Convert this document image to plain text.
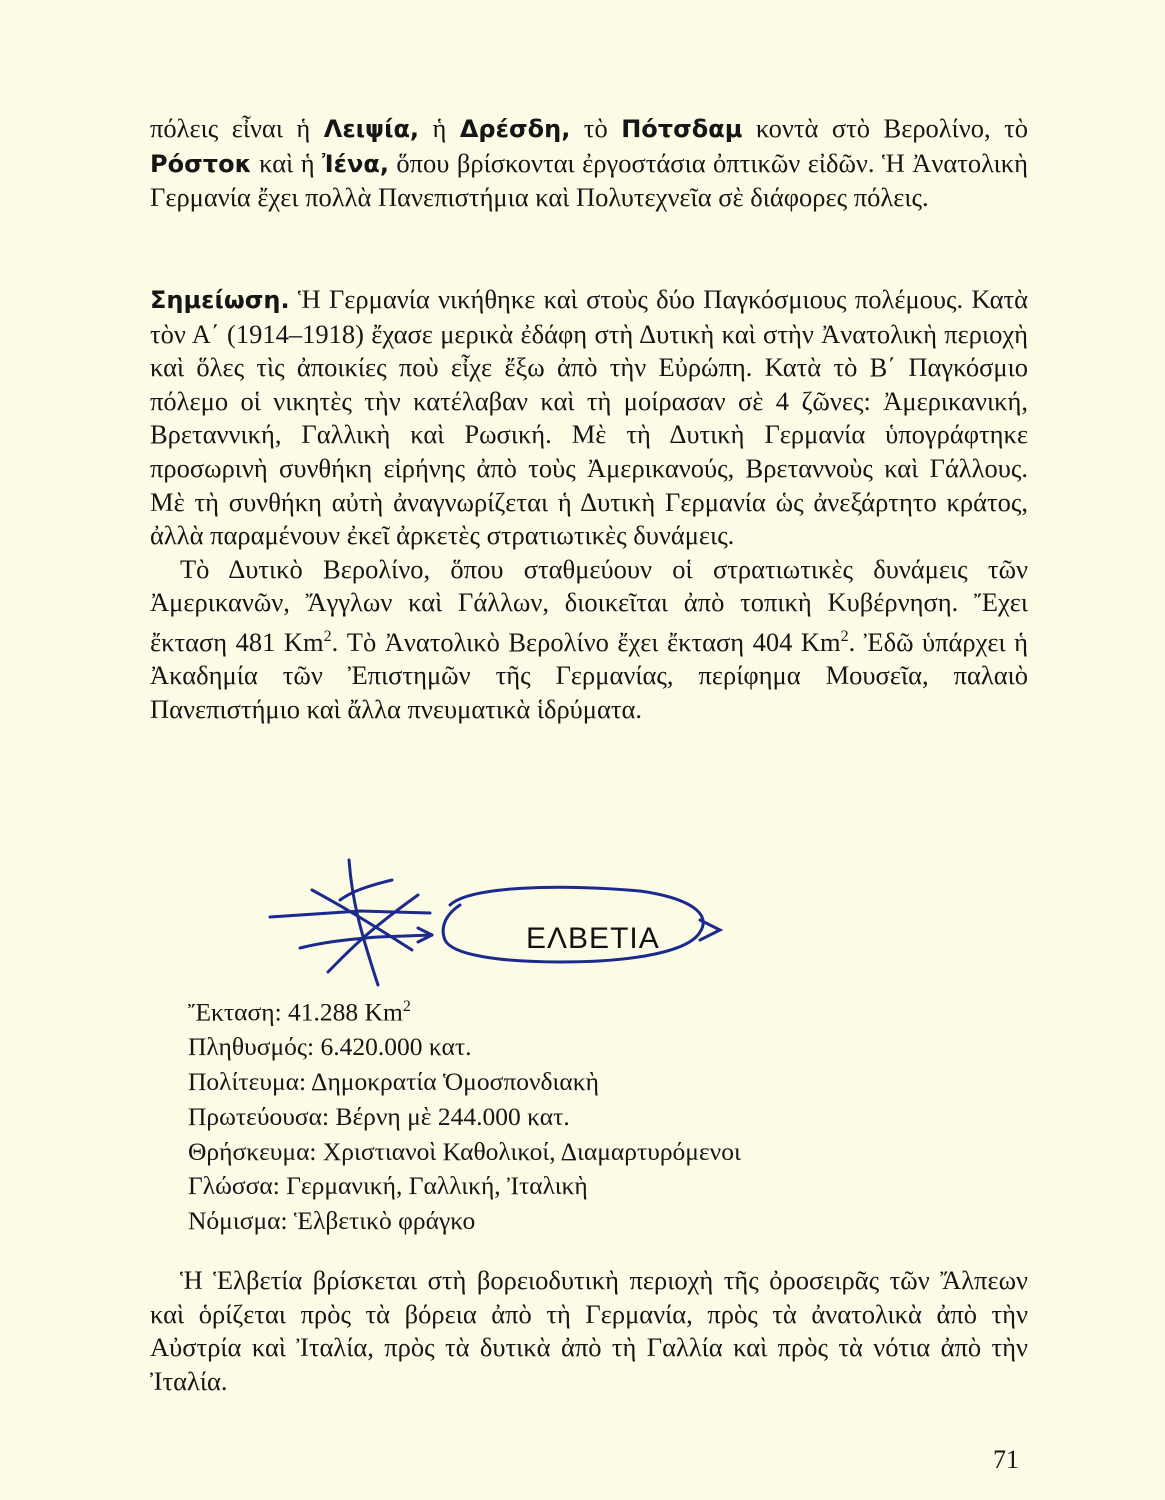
πόλεις εἶναι ἡ Λειψία, ἡ Δρέσδη, τὸ Πότσδαμ κοντὰ στὸ Βερολίνο, τὸ Ρόστοκ καὶ ἡ Ἰένα, ὅπου βρίσκονται ἐργοστάσια ὀπτικῶν εἰδῶν. Ἡ Ἀνατολικὴ Γερμανία ἔχει πολλὰ Πανεπιστήμια καὶ Πολυτεχνεῖα σὲ διάφορες πόλεις.

Σημείωση. Ἡ Γερμανία νικήθηκε καὶ στοὺς δύο Παγκόσμιους πολέμους. Κατὰ τὸν Α΄ (1914–1918) ἔχασε μερικὰ ἐδάφη στὴ Δυτικὴ καὶ στὴν Ἀνατολικὴ περιοχὴ καὶ ὅλες τὶς ἀποικίες ποὺ εἶχε ἔξω ἀπὸ τὴν Εὐρώπη. Κατὰ τὸ Β΄ Παγκόσμιο πόλεμο οἱ νικητὲς τὴν κατέλαβαν καὶ τὴ μοίρασαν σὲ 4 ζῶνες: Ἀμερικανική, Βρεταννική, Γαλλικὴ καὶ Ρωσική. Μὲ τὴ Δυτικὴ Γερμανία ὑπογράφτηκε προσωρινὴ συνθήκη εἰρήνης ἀπὸ τοὺς Ἀμερικανούς, Βρεταννοὺς καὶ Γάλλους. Μὲ τὴ συνθήκη αὐτὴ ἀναγνωρίζεται ἡ Δυτικὴ Γερμανία ὡς ἀνεξάρτητο κράτος, ἀλλὰ παραμένουν ἐκεῖ ἀρκετὲς στρατιωτικὲς δυνάμεις.

Τὸ Δυτικὸ Βερολίνο, ὅπου σταθμεύουν οἱ στρατιωτικὲς δυνάμεις τῶν Ἀμερικανῶν, Ἄγγλων καὶ Γάλλων, διοικεῖται ἀπὸ τοπικὴ Κυβέρνηση. Ἔχει ἔκταση 481 Km$^2$. Τὸ Ἀνατολικὸ Βερολίνο ἔχει ἔκταση 404 Km$^2$. Ἐδῶ ὑπάρχει ἡ Ἀκαδημία τῶν Ἐπιστημῶν τῆς Γερμανίας, περίφημα Μουσεῖα, παλαιὸ Πανεπιστήμιο καὶ ἄλλα πνευματικὰ ἱδρύματα.

ΕΛΒΕΤΙΑ
Ἔκταση: 41.288 Km$^2$
Πληθυσμός: 6.420.000 κατ.
Πολίτευμα: Δημοκρατία Ὁμοσπονδιακὴ
Πρωτεύουσα: Βέρνη μὲ 244.000 κατ.
Θρήσκευμα: Χριστιανοὶ Καθολικοί, Διαμαρτυρόμενοι
Γλώσσα: Γερμανική, Γαλλική, Ἰταλικὴ
Νόμισμα: Ἑλβετικὸ φράγκο

Ἡ Ἑλβετία βρίσκεται στὴ βορειοδυτικὴ περιοχὴ τῆς ὀροσειρᾶς τῶν Ἄλπεων καὶ ὁρίζεται πρὸς τὰ βόρεια ἀπὸ τὴ Γερμανία, πρὸς τὰ ἀνατολικὰ ἀπὸ τὴν Αὐστρία καὶ Ἰταλία, πρὸς τὰ δυτικὰ ἀπὸ τὴ Γαλλία καὶ πρὸς τὰ νότια ἀπὸ τὴν Ἰταλία.

71
